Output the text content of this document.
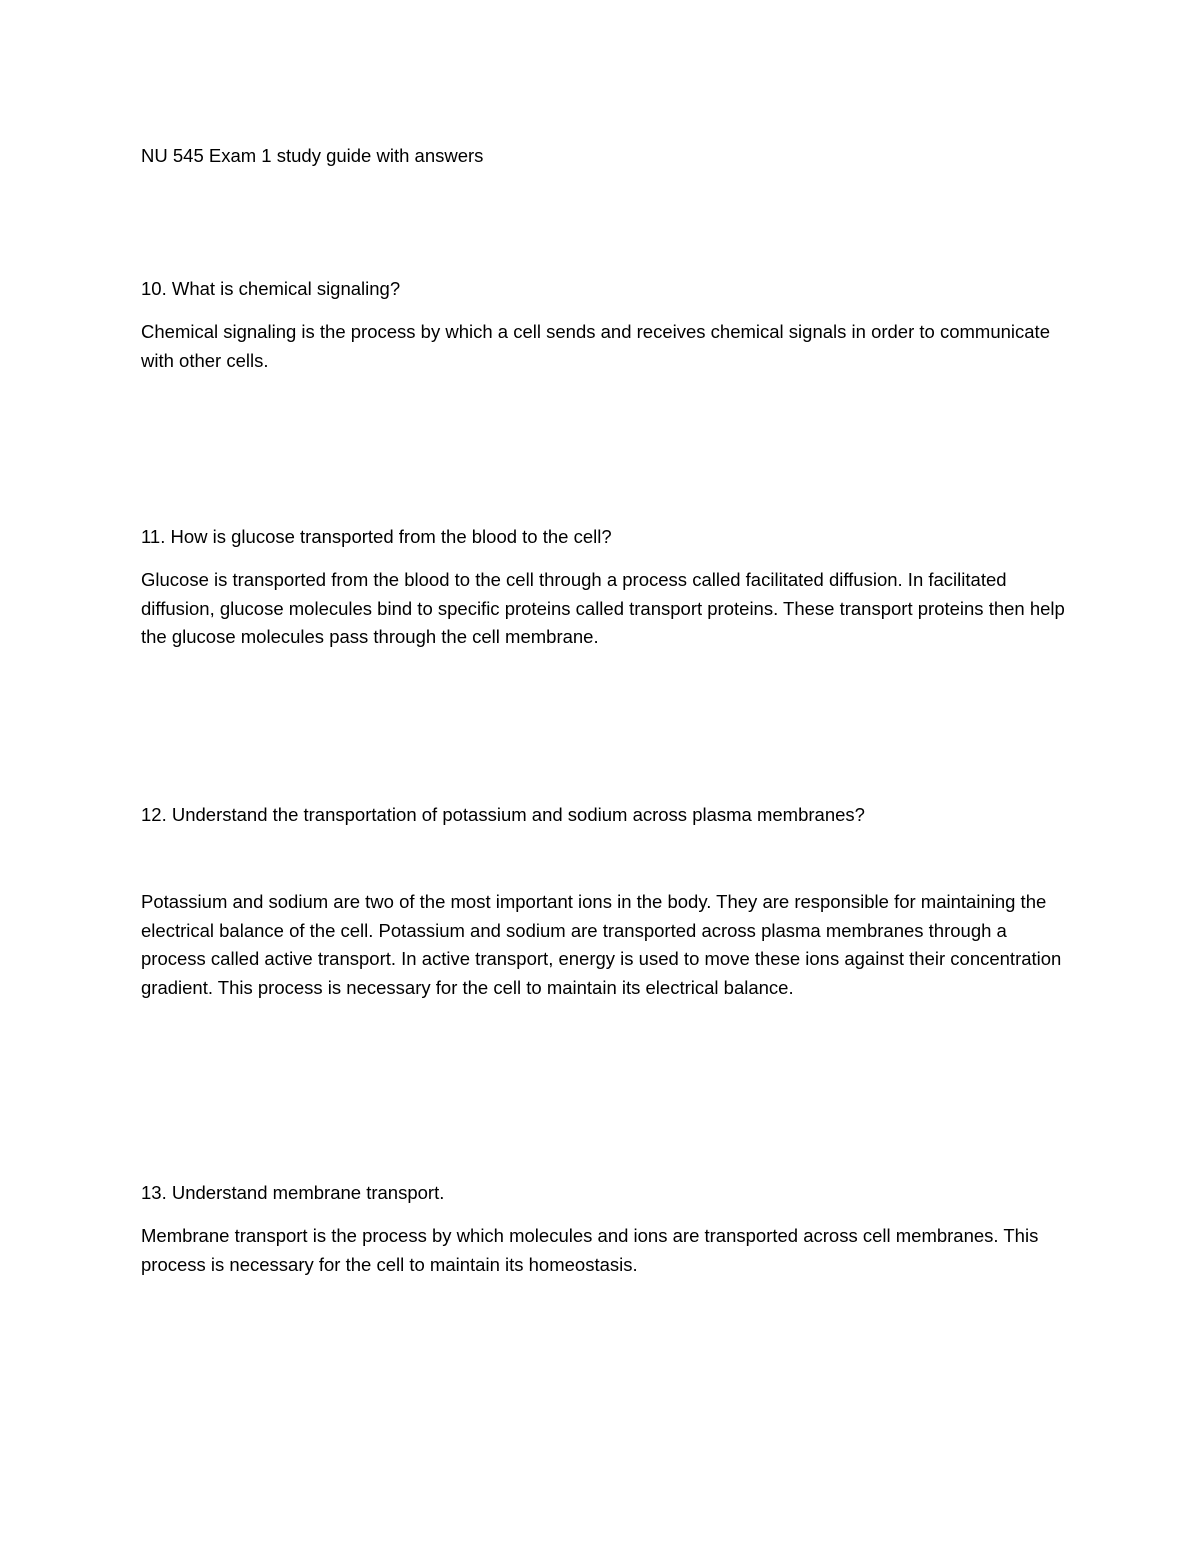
NU 545 Exam 1 study guide with answers

10. What is chemical signaling?

Chemical signaling is the process by which a cell sends and receives chemical signals in order to communicate with other cells.

11. How is glucose transported from the blood to the cell?

Glucose is transported from the blood to the cell through a process called facilitated diffusion. In facilitated diffusion, glucose molecules bind to specific proteins called transport proteins. These transport proteins then help the glucose molecules pass through the cell membrane.

12. Understand the transportation of potassium and sodium across plasma membranes?

Potassium and sodium are two of the most important ions in the body. They are responsible for maintaining the electrical balance of the cell. Potassium and sodium are transported across plasma membranes through a process called active transport. In active transport, energy is used to move these ions against their concentration gradient. This process is necessary for the cell to maintain its electrical balance.

13. Understand membrane transport.

Membrane transport is the process by which molecules and ions are transported across cell membranes. This process is necessary for the cell to maintain its homeostasis.
